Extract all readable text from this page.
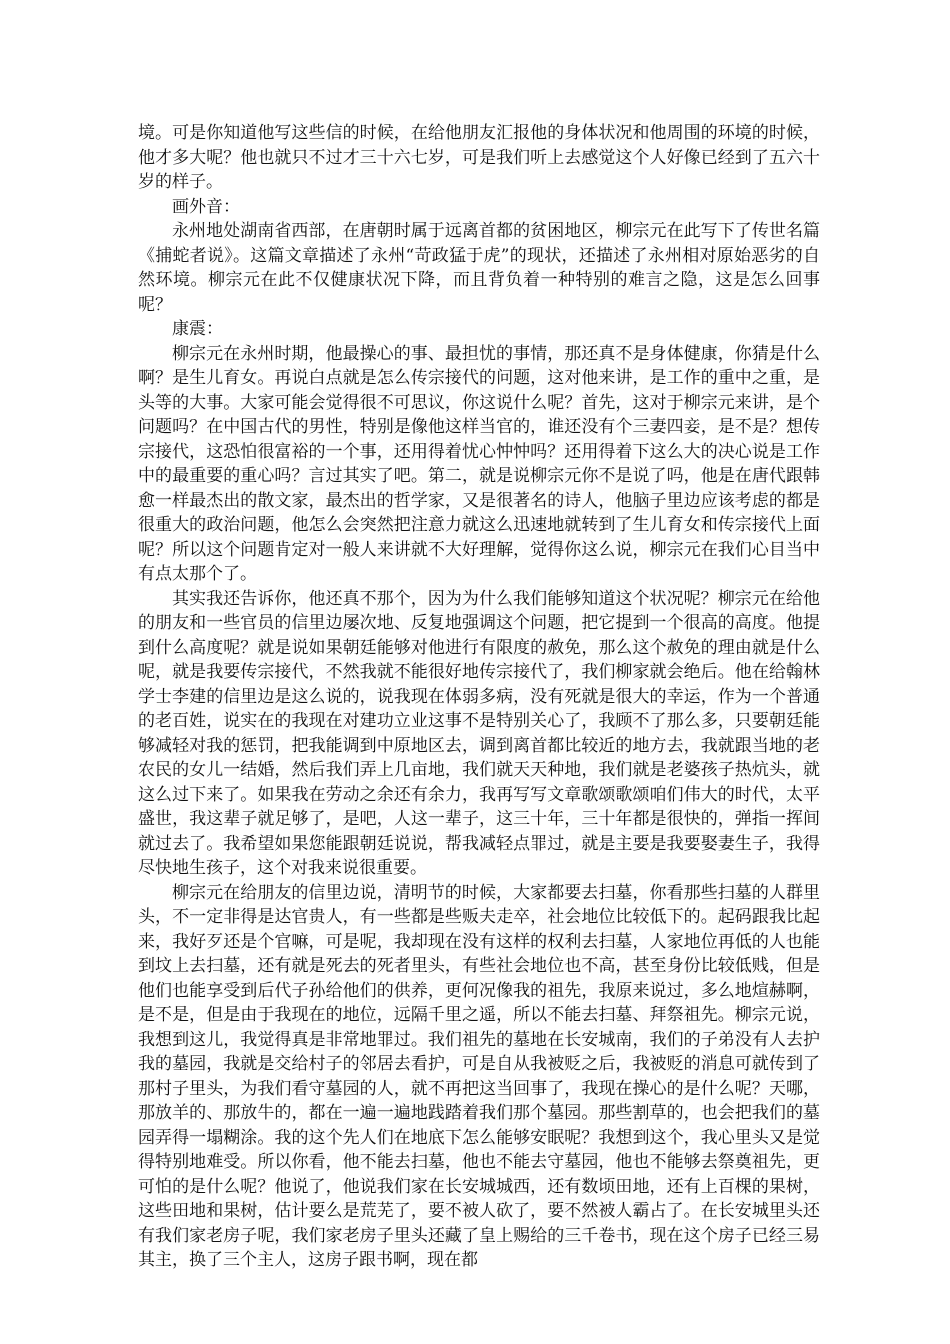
境。可是你知道他写这些信的时候，在给他朋友汇报他的身体状况和他周围的环境的时候，他才多大呢？他也就只不过才三十六七岁，可是我们听上去感觉这个人好像已经到了五六十岁的样子。

画外音：

永州地处湖南省西部，在唐朝时属于远离首都的贫困地区，柳宗元在此写下了传世名篇《捕蛇者说》。这篇文章描述了永州“苛政猛于虎”的现状，还描述了永州相对原始恶劣的自然环境。柳宗元在此不仅健康状况下降，而且背负着一种特别的难言之隐，这是怎么回事呢？

康震：

柳宗元在永州时期，他最操心的事、最担忧的事情，那还真不是身体健康，你猜是什么啊？是生儿育女。再说白点就是怎么传宗接代的问题，这对他来讲，是工作的重中之重，是头等的大事。大家可能会觉得很不可思议，你这说什么呢？首先，这对于柳宗元来讲，是个问题吗？在中国古代的男性，特别是像他这样当官的，谁还没有个三妻四妾，是不是？想传宗接代，这恐怕很富裕的一个事，还用得着忧心忡忡吗？还用得着下这么大的决心说是工作中的最重要的重心吗？言过其实了吧。第二，就是说柳宗元你不是说了吗，他是在唐代跟韩愈一样最杰出的散文家，最杰出的哲学家，又是很著名的诗人，他脑子里边应该考虑的都是很重大的政治问题，他怎么会突然把注意力就这么迅速地就转到了生儿育女和传宗接代上面呢？所以这个问题肯定对一般人来讲就不大好理解，觉得你这么说，柳宗元在我们心目当中有点太那个了。

其实我还告诉你，他还真不那个，因为为什么我们能够知道这个状况呢？柳宗元在给他的朋友和一些官员的信里边屡次地、反复地强调这个问题，把它提到一个很高的高度。他提到什么高度呢？就是说如果朝廷能够对他进行有限度的赦免，那么这个赦免的理由就是什么呢，就是我要传宗接代，不然我就不能很好地传宗接代了，我们柳家就会绝后。他在给翰林学士李建的信里边是这么说的，说我现在体弱多病，没有死就是很大的幸运，作为一个普通的老百姓，说实在的我现在对建功立业这事不是特别关心了，我顾不了那么多，只要朝廷能够减轻对我的惩罚，把我能调到中原地区去，调到离首都比较近的地方去，我就跟当地的老农民的女儿一结婚，然后我们弄上几亩地，我们就天天种地，我们就是老婆孩子热炕头，就这么过下来了。如果我在劳动之余还有余力，我再写写文章歌颂歌颂咱们伟大的时代，太平盛世，我这辈子就足够了，是吧，人这一辈子，这三十年，三十年都是很快的，弹指一挥间就过去了。我希望如果您能跟朝廷说说，帮我减轻点罪过，就是主要是我要娶妻生子，我得尽快地生孩子，这个对我来说很重要。

柳宗元在给朋友的信里边说，清明节的时候，大家都要去扫墓，你看那些扫墓的人群里头，不一定非得是达官贵人，有一些都是些贩夫走卒，社会地位比较低下的。起码跟我比起来，我好歹还是个官嘛，可是呢，我却现在没有这样的权利去扫墓，人家地位再低的人也能到坟上去扫墓，还有就是死去的死者里头，有些社会地位也不高，甚至身份比较低贱，但是他们也能享受到后代子孙给他们的供养，更何况像我的祖先，我原来说过，多么地煊赫啊，是不是，但是由于我现在的地位，远隔千里之遥，所以不能去扫墓、拜祭祖先。柳宗元说，我想到这儿，我觉得真是非常地罪过。我们祖先的墓地在长安城南，我们的子弟没有人去护我的墓园，我就是交给村子的邻居去看护，可是自从我被贬之后，我被贬的消息可就传到了那村子里头，为我们看守墓园的人，就不再把这当回事了，我现在操心的是什么呢？天哪，那放羊的、那放牛的，都在一遍一遍地践踏着我们那个墓园。那些割草的，也会把我们的墓园弄得一塌糊涂。我的这个先人们在地底下怎么能够安眠呢？我想到这个，我心里头又是觉得特别地难受。所以你看，他不能去扫墓，他也不能去守墓园，他也不能够去祭奠祖先，更可怕的是什么呢？他说了，他说我们家在长安城城西，还有数顷田地，还有上百棵的果树，这些田地和果树，估计要么是荒芜了，要不被人砍了，要不然被人霸占了。在长安城里头还有我们家老房子呢，我们家老房子里头还藏了皇上赐给的三千卷书，现在这个房子已经三易其主，换了三个主人，这房子跟书啊，现在都
